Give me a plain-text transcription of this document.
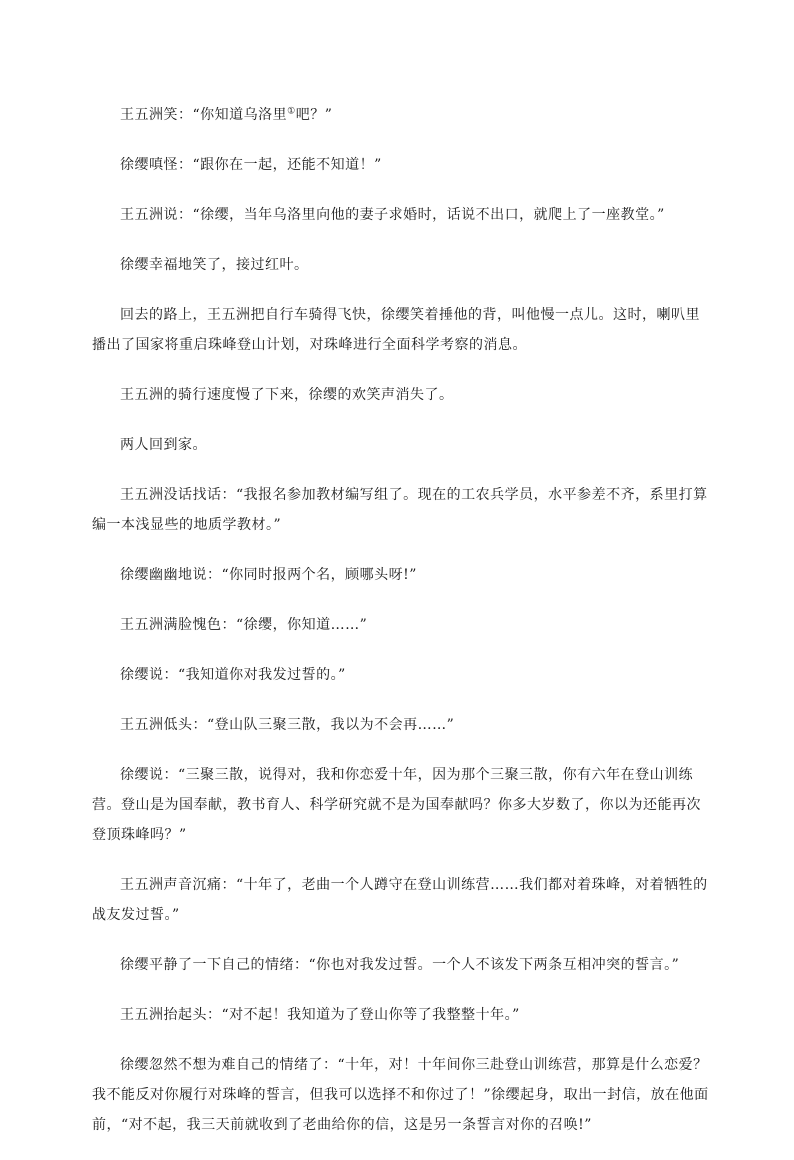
王五洲笑：“你知道乌洛里①吧？”

徐缨嗔怪：“跟你在一起，还能不知道！”

王五洲说：“徐缨，当年乌洛里向他的妻子求婚时，话说不出口，就爬上了一座教堂。”

徐缨幸福地笑了，接过红叶。

回去的路上，王五洲把自行车骑得飞快，徐缨笑着捶他的背，叫他慢一点儿。这时，喇叭里播出了国家将重启珠峰登山计划，对珠峰进行全面科学考察的消息。

王五洲的骑行速度慢了下来，徐缨的欢笑声消失了。

两人回到家。

王五洲没话找话：“我报名参加教材编写组了。现在的工农兵学员，水平参差不齐，系里打算编一本浅显些的地质学教材。”

徐缨幽幽地说：“你同时报两个名，顾哪头呀!”

王五洲满脸愧色：“徐缨，你知道……”

徐缨说：“我知道你对我发过誓的。”

王五洲低头：“登山队三聚三散，我以为不会再……”

徐缨说：“三聚三散，说得对，我和你恋爱十年，因为那个三聚三散，你有六年在登山训练营。登山是为国奉献，教书育人、科学研究就不是为国奉献吗？你多大岁数了，你以为还能再次登顶珠峰吗？”

王五洲声音沉痛：“十年了，老曲一个人蹲守在登山训练营……我们都对着珠峰，对着牺牲的战友发过誓。”

徐缨平静了一下自己的情绪：“你也对我发过誓。一个人不该发下两条互相冲突的誓言。”

王五洲抬起头：“对不起！我知道为了登山你等了我整整十年。”

徐缨忽然不想为难自己的情绪了：“十年，对！十年间你三赴登山训练营，那算是什么恋爱？我不能反对你履行对珠峰的誓言，但我可以选择不和你过了！”徐缨起身，取出一封信，放在他面前，“对不起，我三天前就收到了老曲给你的信，这是另一条誓言对你的召唤!”
